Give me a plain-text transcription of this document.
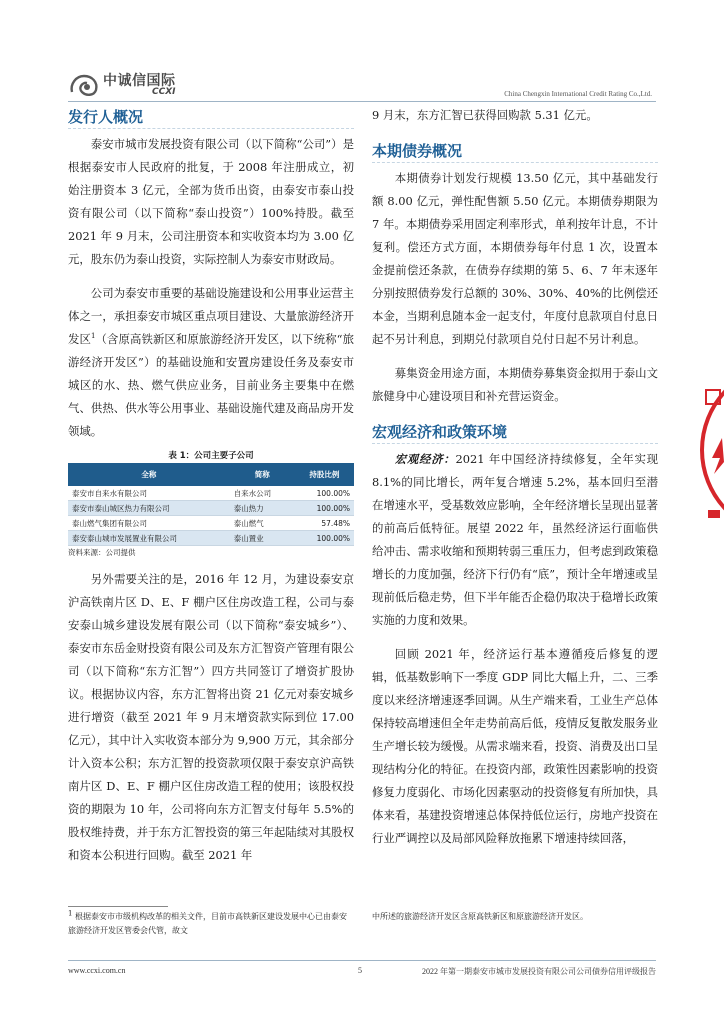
中诚信国际
CCXI	China Chengxin International Credit Rating Co.,Ltd.
发行人概况

泰安市城市发展投资有限公司（以下简称“公司”）是根据泰安市人民政府的批复，于 2008 年注册成立，初始注册资本 3 亿元，全部为货币出资，由泰安市泰山投资有限公司（以下简称“泰山投资”）100%持股。截至 2021 年 9 月末，公司注册资本和实收资本均为 3.00 亿元，股东仍为泰山投资，实际控制人为泰安市财政局。

公司为泰安市重要的基础设施建设和公用事业运营主体之一，承担泰安市城区重点项目建设、大量旅游经济开发区$^1$（含原高铁新区和原旅游经济开发区，以下统称“旅游经济开发区”）的基础设施和安置房建设任务及泰安市城区的水、热、燃气供应业务，目前业务主要集中在燃气、供热、供水等公用事业、基础设施代建及商品房开发领域。

表 1：公司主要子公司
全称	简称	持股比例
泰安市自来水有限公司	自来水公司	100.00%
泰安市泰山城区热力有限公司	泰山热力	100.00%
泰山燃气集团有限公司	泰山燃气	57.48%
泰安泰山城市发展置业有限公司	泰山置业	100.00%
资料来源：公司提供

另外需要关注的是，2016 年 12 月，为建设泰安京沪高铁南片区 D、E、F 棚户区住房改造工程，公司与泰安泰山城乡建设发展有限公司（以下简称“泰安城乡”）、泰安市东岳金财投资有限公司及东方汇智资产管理有限公司（以下简称“东方汇智”）四方共同签订了增资扩股协议。根据协议内容，东方汇智将出资 21 亿元对泰安城乡进行增资（截至 2021 年 9 月末增资款实际到位 17.00 亿元），其中计入实收资本部分为 9,900 万元，其余部分计入资本公积；东方汇智的投资款项仅限于泰安京沪高铁南片区 D、E、F 棚户区住房改造工程的使用；该股权投资的期限为 10 年，公司将向东方汇智支付每年 5.5%的股权维持费，并于东方汇智投资的第三年起陆续对其股权和资本公积进行回购。截至 2021 年

9 月末，东方汇智已获得回购款 5.31 亿元。

本期债券概况

本期债券计划发行规模 13.50 亿元，其中基础发行额 8.00 亿元，弹性配售额 5.50 亿元。本期债券期限为 7 年。本期债券采用固定利率形式，单利按年计息，不计复利。偿还方式方面，本期债券每年付息 1 次，设置本金提前偿还条款，在债券存续期的第 5、6、7 年末逐年分别按照债券发行总额的 30%、30%、40%的比例偿还本金，当期利息随本金一起支付，年度付息款项自付息日起不另计利息，到期兑付款项自兑付日起不另计利息。

募集资金用途方面，本期债券募集资金拟用于泰山文旅健身中心建设项目和补充营运资金。

宏观经济和政策环境

宏观经济：2021 年中国经济持续修复，全年实现 8.1%的同比增长，两年复合增速 5.2%，基本回归至潜在增速水平，受基数效应影响，全年经济增长呈现出显著的前高后低特征。展望 2022 年，虽然经济运行面临供给冲击、需求收缩和预期转弱三重压力，但考虑到政策稳增长的力度加强，经济下行仍有“底”，预计全年增速或呈现前低后稳走势，但下半年能否企稳仍取决于稳增长政策实施的力度和效果。

回顾 2021 年，经济运行基本遵循疫后修复的逻辑，低基数影响下一季度 GDP 同比大幅上升，二、三季度以来经济增速逐季回调。从生产端来看，工业生产总体保持较高增速但全年走势前高后低，疫情反复散发服务业生产增长较为缓慢。从需求端来看，投资、消费及出口呈现结构分化的特征。在投资内部，政策性因素影响的投资修复力度弱化、市场化因素驱动的投资修复有所加快，具体来看，基建投资增速总体保持低位运行，房地产投资在行业严调控以及局部风险释放拖累下增速持续回落，

$^1$ 根据泰安市市级机构改革的相关文件，目前市高铁新区建设发展中心已由泰安旅游经济开发区管委会代管，故文
中所述的旅游经济开发区含原高铁新区和原旅游经济开发区。
www.ccxi.com.cn	5	2022 年第一期泰安市城市发展投资有限公司公司债券信用评级报告
